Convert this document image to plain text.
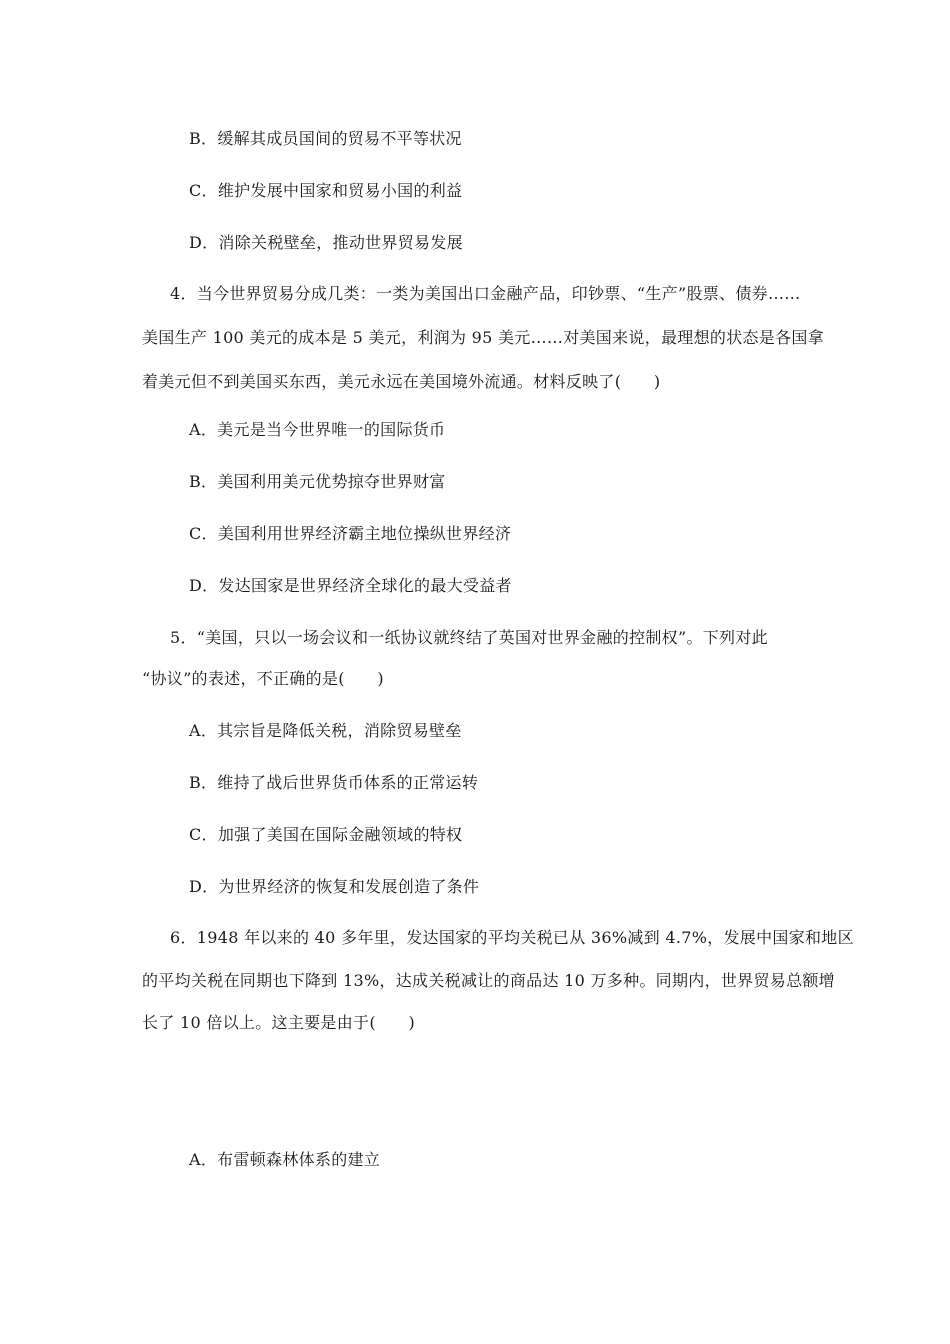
B．缓解其成员国间的贸易不平等状况
C．维护发展中国家和贸易小国的利益
D．消除关税壁垒，推动世界贸易发展
4．当今世界贸易分成几类：一类为美国出口金融产品，印钞票、“生产”股票、债券……
美国生产 100 美元的成本是 5 美元，利润为 95 美元……对美国来说，最理想的状态是各国拿
着美元但不到美国买东西，美元永远在美国境外流通。材料反映了(　　)
A．美元是当今世界唯一的国际货币
B．美国利用美元优势掠夺世界财富
C．美国利用世界经济霸主地位操纵世界经济
D．发达国家是世界经济全球化的最大受益者
5．“美国，只以一场会议和一纸协议就终结了英国对世界金融的控制权”。下列对此
“协议”的表述，不正确的是(　　)
A．其宗旨是降低关税，消除贸易壁垒
B．维持了战后世界货币体系的正常运转
C．加强了美国在国际金融领域的特权
D．为世界经济的恢复和发展创造了条件
6．1948 年以来的 40 多年里，发达国家的平均关税已从 36%减到 4.7%，发展中国家和地区
的平均关税在同期也下降到 13%，达成关税减让的商品达 10 万多种。同期内，世界贸易总额增
长了 10 倍以上。这主要是由于(　　)
A．布雷顿森林体系的建立
